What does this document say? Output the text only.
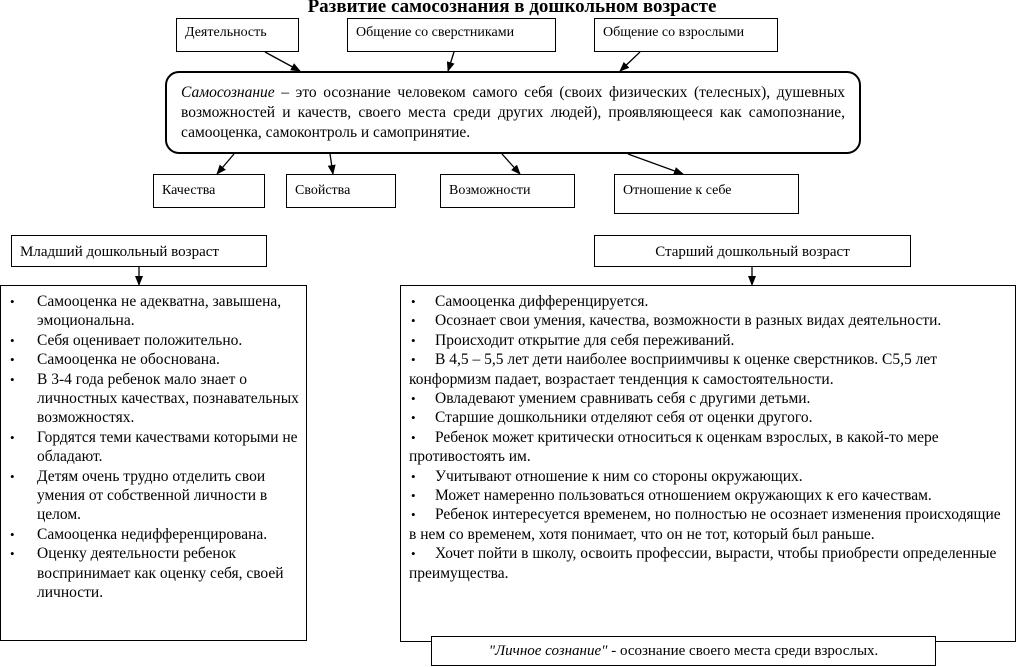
Развитие самосознания в дошкольном возрасте
Деятельность	Общение со сверстниками	Общение со взрослыми
Самосознание – это осознание человеком самого себя (своих физических (телесных), душевных возможностей и качеств, своего места среди других людей), проявляющееся как самопознание, самооценка, самоконтроль и самопринятие.
Качества	Свойства	Возможности	Отношение к себе
Младший дошкольный возраст	Старший дошкольный возраст
• Самооценка не адекватна, завышена, эмоциональна.
• Себя оценивает положительно.
• Самооценка не обоснована.
• В 3-4 года ребенок мало знает о личностных качествах, познавательных возможностях.
• Гордятся теми качествами которыми не обладают.
• Детям очень трудно отделить свои умения от собственной личности в целом.
• Самооценка недифференцирована.
• Оценку деятельности ребенок воспринимает как оценку себя, своей личности.
• Самооценка дифференцируется.
• Осознает свои умения, качества, возможности в разных видах деятельности.
• Происходит открытие для себя переживаний.
• В 4,5 – 5,5 лет дети наиболее восприимчивы к оценке сверстников. С5,5 лет конформизм падает, возрастает тенденция к самостоятельности.
• Овладевают умением сравнивать себя с другими детьми.
• Старшие дошкольники отделяют себя от оценки другого.
• Ребенок может критически относиться к оценкам взрослых, в какой-то мере противостоять им.
• Учитывают отношение к ним со стороны окружающих.
• Может намеренно пользоваться отношением окружающих к его качествам.
• Ребенок интересуется временем, но полностью не осознает изменения происходящие в нем со временем, хотя понимает, что он не тот, который был раньше.
• Хочет пойти в школу, освоить профессии, вырасти, чтобы приобрести определенные преимущества.
"Личное сознание" - осознание своего места среди взрослых.
